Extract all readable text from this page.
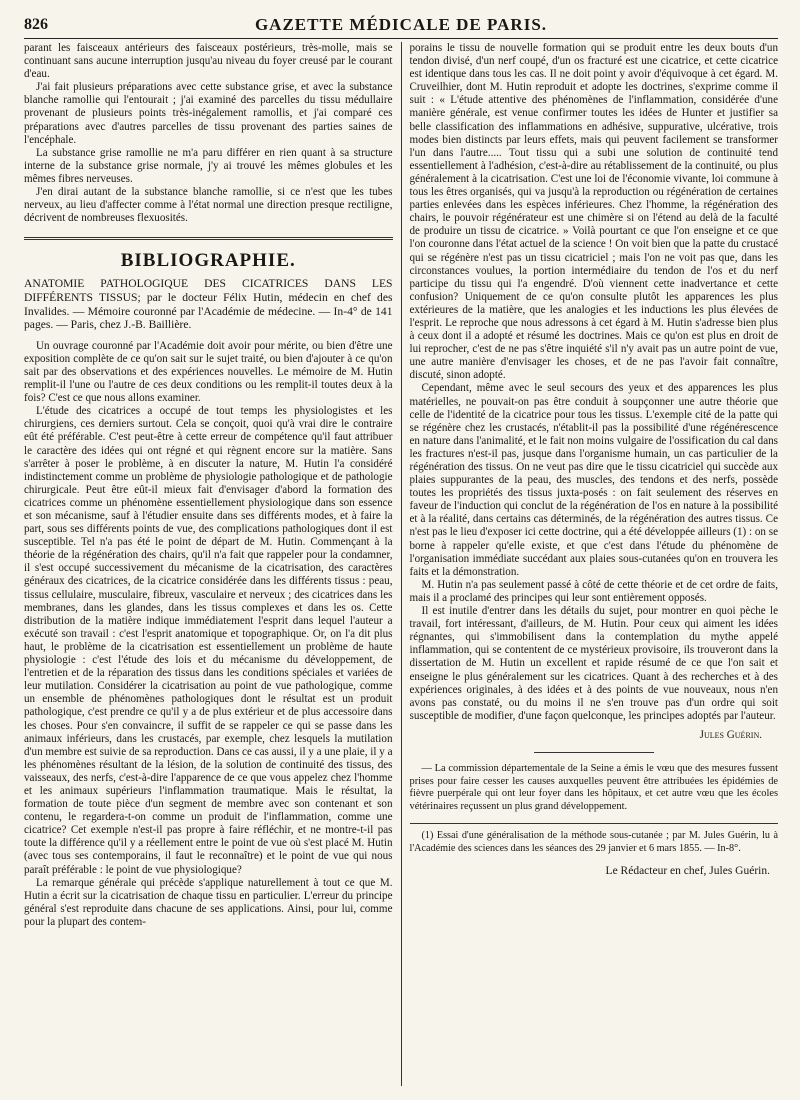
826	GAZETTE MÉDICALE DE PARIS.

parant les faisceaux antérieurs des faisceaux postérieurs, très-molle, mais se continuant sans aucune interruption jusqu'au niveau du foyer creusé par le courant d'eau.

J'ai fait plusieurs préparations avec cette substance grise, et avec la substance blanche ramollie qui l'entourait ; j'ai examiné des parcelles du tissu médullaire provenant de plusieurs points très-inégalement ramollis, et j'ai comparé ces préparations avec d'autres parcelles de tissu provenant des parties saines de l'encéphale.

La substance grise ramollie ne m'a paru différer en rien quant à sa structure interne de la substance grise normale, j'y ai trouvé les mêmes globules et les mêmes fibres nerveuses.

J'en dirai autant de la substance blanche ramollie, si ce n'est que les tubes nerveux, au lieu d'affecter comme à l'état normal une direction presque rectiligne, décrivent de nombreuses flexuosités.

BIBLIOGRAPHIE.

ANATOMIE PATHOLOGIQUE DES CICATRICES DANS LES DIFFÉRENTS TISSUS; par le docteur Félix Hutin, médecin en chef des Invalides. — Mémoire couronné par l'Académie de médecine. — In-4° de 141 pages. — Paris, chez J.-B. Baillière.

Un ouvrage couronné par l'Académie doit avoir pour mérite, ou bien d'être une exposition complète de ce qu'on sait sur le sujet traité, ou bien d'ajouter à ce qu'on sait par des observations et des expériences nouvelles. Le mémoire de M. Hutin remplit-il l'une ou l'autre de ces deux conditions ou les remplit-il toutes deux à la fois? C'est ce que nous allons examiner.

L'étude des cicatrices a occupé de tout temps les physiologistes et les chirurgiens, ces derniers surtout. Cela se conçoit, quoi qu'à vrai dire le contraire eût été préférable. C'est peut-être à cette erreur de compétence qu'il faut attribuer le caractère des idées qui ont régné et qui règnent encore sur la matière. Sans s'arrêter à poser le problème, à en discuter la nature, M. Hutin l'a considéré indistinctement comme un problème de physiologie pathologique et de pathologie chirurgicale. Peut être eût-il mieux fait d'envisager d'abord la formation des cicatrices comme un phénomène essentiellement physiologique dans son essence et son mécanisme, sauf à l'étudier ensuite dans ses différents modes, et à faire la part, sous ses différents points de vue, des complications pathologiques dont il est susceptible. Tel n'a pas été le point de départ de M. Hutin. Commençant à la théorie de la régénération des chairs, qu'il n'a fait que rappeler pour la condamner, il s'est occupé successivement du mécanisme de la cicatrisation, des caractères généraux des cicatrices, de la cicatrice considérée dans les différents tissus : peau, tissus cellulaire, musculaire, fibreux, vasculaire et nerveux ; des cicatrices dans les membranes, dans les glandes, dans les tissus complexes et dans les os. Cette distribution de la matière indique immédiatement l'esprit dans lequel l'auteur a exécuté son travail : c'est l'esprit anatomique et topographique. Or, on l'a dit plus haut, le problème de la cicatrisation est essentiellement un problème de haute physiologie : c'est l'étude des lois et du mécanisme du développement, de l'entretien et de la réparation des tissus dans les conditions spéciales et variées de leur mutilation. Considérer la cicatrisation au point de vue pathologique, comme un ensemble de phénomènes pathologiques dont le résultat est un produit pathologique, c'est prendre ce qu'il y a de plus extérieur et de plus accessoire dans les choses. Pour s'en convaincre, il suffit de se rappeler ce qui se passe dans les animaux inférieurs, dans les crustacés, par exemple, chez lesquels la mutilation d'un membre est suivie de sa reproduction. Dans ce cas aussi, il y a une plaie, il y a les phénomènes résultant de la lésion, de la solution de continuité des tissus, des vaisseaux, des nerfs, c'est-à-dire l'apparence de ce que vous appelez chez l'homme et les animaux supérieurs l'inflammation traumatique. Mais le résultat, la formation de toute pièce d'un segment de membre avec son contenant et son contenu, le regardera-t-on comme un produit de l'inflammation, comme une cicatrice? Cet exemple n'est-il pas propre à faire réfléchir, et ne montre-t-il pas toute la différence qu'il y a réellement entre le point de vue où s'est placé M. Hutin (avec tous ses contemporains, il faut le reconnaître) et le point de vue qui nous paraît préférable : le point de vue physiologique?

La remarque générale qui précède s'applique naturellement à tout ce que M. Hutin a écrit sur la cicatrisation de chaque tissu en particulier. L'erreur du principe général s'est reproduite dans chacune de ses applications. Ainsi, pour lui, comme pour la plupart des contem-

porains le tissu de nouvelle formation qui se produit entre les deux bouts d'un tendon divisé, d'un nerf coupé, d'un os fracturé est une cicatrice, et cette cicatrice est identique dans tous les cas. Il ne doit point y avoir d'équivoque à cet égard. M. Cruveilhier, dont M. Hutin reproduit et adopte les doctrines, s'exprime comme il suit : « L'étude attentive des phénomènes de l'inflammation, considérée d'une manière générale, est venue confirmer toutes les idées de Hunter et justifier sa belle classification des inflammations en adhésive, suppurative, ulcérative, trois modes bien distincts par leurs effets, mais qui peuvent facilement se transformer l'un dans l'autre..... Tout tissu qui a subi une solution de continuité tend essentiellement à l'adhésion, c'est-à-dire au rétablissement de la continuité, ou plus généralement à la cicatrisation. C'est une loi de l'économie vivante, loi commune à tous les êtres organisés, qui va jusqu'à la reproduction ou régénération de certaines parties enlevées dans les espèces inférieures. Chez l'homme, la régénération des chairs, le pouvoir régénérateur est une chimère si on l'étend au delà de la faculté de produire un tissu de cicatrice. » Voilà pourtant ce que l'on enseigne et ce que l'on couronne dans l'état actuel de la science ! On voit bien que la patte du crustacé qui se régénère n'est pas un tissu cicatriciel ; mais l'on ne voit pas que, dans les circonstances voulues, la portion intermédiaire du tendon de l'os et du nerf participe du tissu qui l'a engendré. D'où viennent cette inadvertance et cette confusion? Uniquement de ce qu'on consulte plutôt les apparences les plus extérieures de la matière, que les analogies et les inductions les plus élevées de l'esprit. Le reproche que nous adressons à cet égard à M. Hutin s'adresse bien plus à ceux dont il a adopté et résumé les doctrines. Mais ce qu'on est plus en droit de lui reprocher, c'est de ne pas s'être inquiété s'il n'y avait pas un autre point de vue, une autre manière d'envisager les choses, et de ne pas l'avoir fait connaître, discuté, sinon adopté.

Cependant, même avec le seul secours des yeux et des apparences les plus matérielles, ne pouvait-on pas être conduit à soupçonner une autre théorie que celle de l'identité de la cicatrice pour tous les tissus. L'exemple cité de la patte qui se régénère chez les crustacés, n'établit-il pas la possibilité d'une régénérescence en nature dans l'animalité, et le fait non moins vulgaire de l'ossification du cal dans les fractures n'est-il pas, jusque dans l'organisme humain, un cas particulier de la régénération des tissus. On ne veut pas dire que le tissu cicatriciel qui succède aux plaies suppurantes de la peau, des muscles, des tendons et des nerfs, possède toutes les propriétés des tissus juxta-posés : on fait seulement des réserves en faveur de l'induction qui conclut de la régénération de l'os en nature à la possibilité et à la réalité, dans certains cas déterminés, de la régénération des autres tissus. Ce n'est pas le lieu d'exposer ici cette doctrine, qui a été développée ailleurs (1) : on se borne à rappeler qu'elle existe, et que c'est dans l'étude du phénomène de l'organisation immédiate succédant aux plaies sous-cutanées qu'on en trouvera les faits et la démonstration.

M. Hutin n'a pas seulement passé à côté de cette théorie et de cet ordre de faits, mais il a proclamé des principes qui leur sont entièrement opposés.

Il est inutile d'entrer dans les détails du sujet, pour montrer en quoi pèche le travail, fort intéressant, d'ailleurs, de M. Hutin. Pour ceux qui aiment les idées régnantes, qui s'immobilisent dans la contemplation du mythe appelé inflammation, qui se contentent de ce mystérieux provisoire, ils trouveront dans la dissertation de M. Hutin un excellent et rapide résumé de ce que l'on sait et enseigne le plus généralement sur les cicatrices. Quant à des recherches et à des expériences originales, à des idées et à des points de vue nouveaux, nous n'en avons pas constaté, ou du moins il ne s'en trouve pas d'un ordre qui soit susceptible de modifier, d'une façon quelconque, les principes adoptés par l'auteur.

Jules Guérin.

— La commission départementale de la Seine a émis le vœu que des mesures fussent prises pour faire cesser les causes auxquelles peuvent être attribuées les épidémies de fièvre puerpérale qui ont leur foyer dans les hôpitaux, et cet autre vœu que les écoles vétérinaires reçussent un plus grand développement.

(1) Essai d'une généralisation de la méthode sous-cutanée ; par M. Jules Guérin, lu à l'Académie des sciences dans les séances des 29 janvier et 6 mars 1855. — In-8°.

Le Rédacteur en chef, Jules Guérin.
